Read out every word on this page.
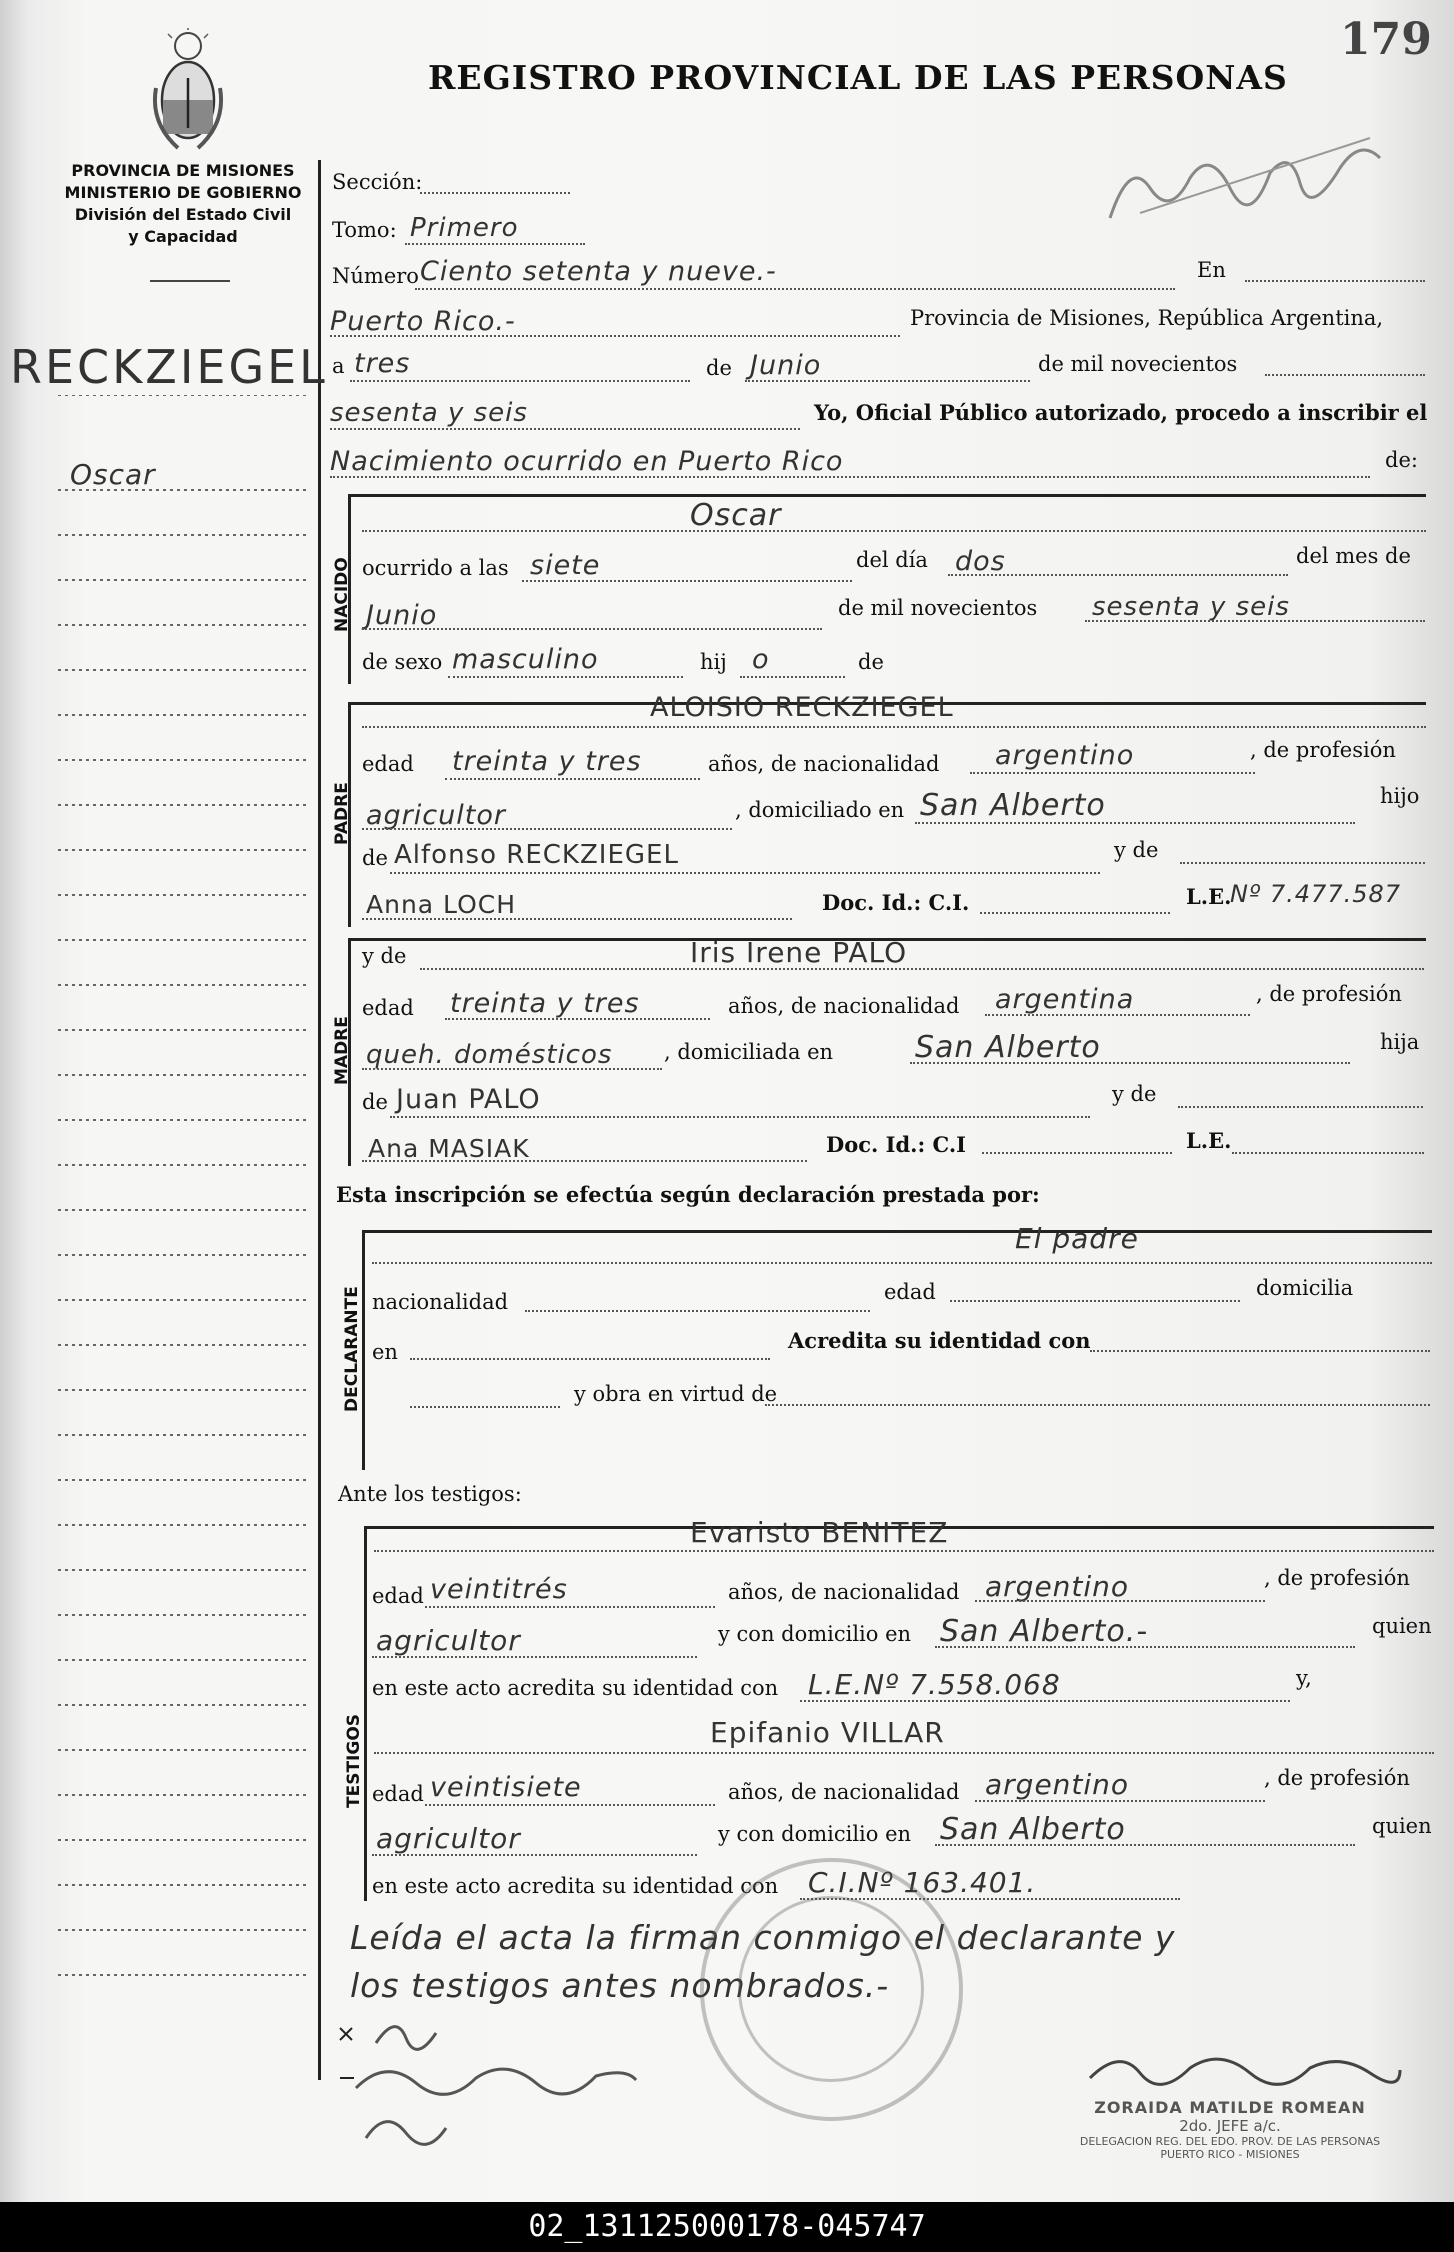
179
REGISTRO PROVINCIAL DE LAS PERSONAS
PROVINCIA DE MISIONES
MINISTERIO DE GOBIERNO
División del Estado Civil
y Capacidad
RECKZIEGEL
Oscar
Sección:
Tomo: Primero
Número Ciento setenta y nueve.-	En
Puerto Rico.-	Provincia de Misiones, República Argentina,
a tres	de Junio	de mil novecientos
sesenta y seis	Yo, Oficial Público autorizado, procedo a inscribir el
Nacimiento ocurrido en Puerto Rico	de:
NACIDO
Oscar
ocurrido a las siete	del día dos	del mes de
Junio	de mil novecientos sesenta y seis
de sexo masculino	hij o	de
PADRE
ALOISIO RECKZIEGEL
edad treinta y tres	años, de nacionalidad argentino	, de profesión
agricultor	, domiciliado en San Alberto	hijo
de Alfonso RECKZIEGEL	y de
Anna LOCH	Doc. Id.: C.I.	L.E.
Nº 7.477.587
MADRE
y de	Iris Irene PALO
edad treinta y tres	años, de nacionalidad argentina	, de profesión
queh. domésticos , domiciliada en	San Alberto	hija
de Juan PALO	y de
Ana MASIAK	Doc. Id.: C.I	L.E.
Esta inscripción se efectúa según declaración prestada por:
DECLARANTE
El padre
nacionalidad	edad	domicilia
en	Acredita su identidad con
y obra en virtud de
Ante los testigos:
TESTIGOS
Evaristo BENITEZ
edad veintitrés	años, de nacionalidad argentino	, de profesión
agricultor	y con domicilio en San Alberto.-	quien
en este acto acredita su identidad con L.E.Nº 7.558.068	y,
Epifanio VILLAR
edad veintisiete	años, de nacionalidad argentino	, de profesión
agricultor	y con domicilio en San Alberto	quien
en este acto acredita su identidad con C.I.Nº 163.401.
Leída el acta la firman conmigo el declarante y
los testigos antes nombrados.-
ZORAIDA MATILDE ROMEAN
2do. JEFE a/c.
DELEGACION REG. DEL EDO. PROV. DE LAS PERSONAS
PUERTO RICO - MISIONES
02_131125000178-045747
